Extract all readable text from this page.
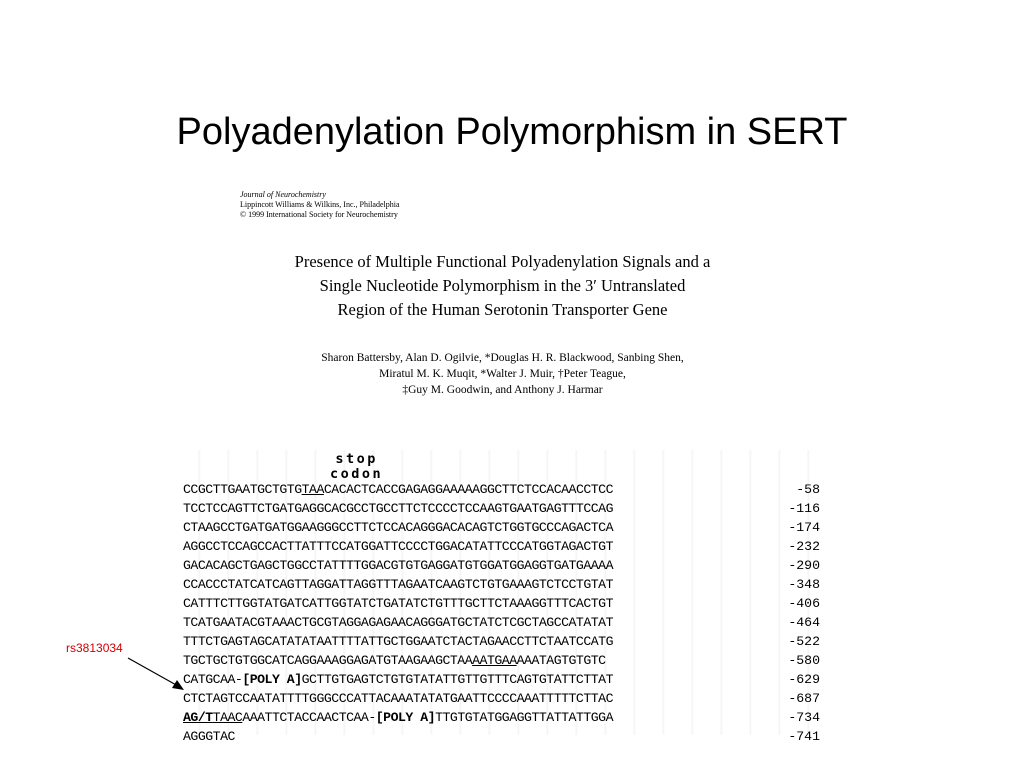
Polyadenylation Polymorphism in SERT
Journal of Neurochemistry
Lippincott Williams & Wilkins, Inc., Philadelphia
© 1999 International Society for Neurochemistry
Presence of Multiple Functional Polyadenylation Signals and a
Single Nucleotide Polymorphism in the 3′ Untranslated
Region of the Human Serotonin Transporter Gene
Sharon Battersby, Alan D. Ogilvie, *Douglas H. R. Blackwood, Sanbing Shen,
Miratul M. K. Muqit, *Walter J. Muir, †Peter Teague,
‡Guy M. Goodwin, and Anthony J. Harmar
stop
codon
CCGCTTGAATGCTGTGTAACACACTCACCGAGAGGAAAAAGGCTTCTCCACAACCTCC	-58
TCCTCCAGTTCTGATGAGGCACGCCTGCCTTCTCCCCTCCAAGTGAATGAGTTTCCAG	-116
CTAAGCCTGATGATGGAAGGGCCTTCTCCACAGGGACACAGTCTGGTGCCCAGACTCA	-174
AGGCCTCCAGCCACTTATTTCCATGGATTCCCCTGGACATATTCCCATGGTAGACTGT	-232
GACACAGCTGAGCTGGCCTATTTTGGACGTGTGAGGATGTGGATGGAGGTGATGAAAA	-290
CCACCCTATCATCAGTTAGGATTAGGTTTAGAATCAAGTCTGTGAAAGTCTCCTGTAT	-348
CATTTCTTGGTATGATCATTGGTATCTGATATCTGTTTGCTTCTAAAGGTTTCACTGT	-406
TCATGAATACGTAAACTGCGTAGGAGAGAACAGGGATGCTATCTCGCTAGCCATATAT	-464
TTTCTGAGTAGCATATATAATTTTATTGCTGGAATCTACTAGAACCTTCTAATCCATG	-522
TGCTGCTGTGGCATCAGGAAAGGAGATGTAAGAAGCTAAAATGAAAAATAGTGTGTC	-580
CATGCAA-[POLY A]GCTTGTGAGTCTGTGTATATTGTTGTTTCAGTGTATTCTTAT	-629
CTCTAGTCCAATATTTTGGGCCCATTACAAATATATGAATTCCCCAAATTTTTCTTAC	-687
AG/TTAACAAATTCTACCAACTCAA-[POLY A]TTGTGTATGGAGGTTATTATTGGA	-734
AGGGTAC	-741
rs3813034
